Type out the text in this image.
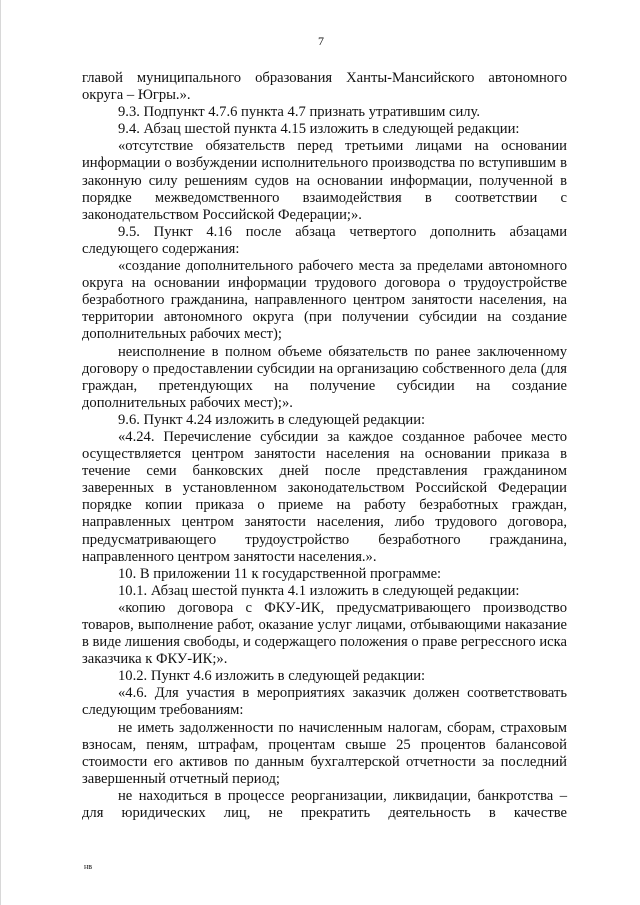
7

главой муниципального образования Ханты-Мансийского автономного округа – Югры.».

9.3. Подпункт 4.7.6 пункта 4.7 признать утратившим силу.

9.4. Абзац шестой пункта 4.15 изложить в следующей редакции:

«отсутствие обязательств перед третьими лицами на основании информации о возбуждении исполнительного производства по вступившим в законную силу решениям судов на основании информации, полученной в порядке межведомственного взаимодействия в соответствии с законодательством Российской Федерации;».

9.5. Пункт 4.16 после абзаца четвертого дополнить абзацами следующего содержания:

«создание дополнительного рабочего места за пределами автономного округа на основании информации трудового договора о трудоустройстве безработного гражданина, направленного центром занятости населения, на территории автономного округа (при получении субсидии на создание дополнительных рабочих мест);

неисполнение в полном объеме обязательств по ранее заключенному договору о предоставлении субсидии на организацию собственного дела (для граждан, претендующих на получение субсидии на создание дополнительных рабочих мест);».

9.6. Пункт 4.24 изложить в следующей редакции:

«4.24. Перечисление субсидии за каждое созданное рабочее место осуществляется центром занятости населения на основании приказа в течение семи банковских дней после представления гражданином заверенных в установленном законодательством Российской Федерации порядке копии приказа о приеме на работу безработных граждан, направленных центром занятости населения, либо трудового договора, предусматривающего трудоустройство безработного гражданина, направленного центром занятости населения.».

10. В приложении 11 к государственной программе:

10.1. Абзац шестой пункта 4.1 изложить в следующей редакции:

«копию договора с ФКУ-ИК, предусматривающего производство товаров, выполнение работ, оказание услуг лицами, отбывающими наказание в виде лишения свободы, и содержащего положения о праве регрессного иска заказчика к ФКУ-ИК;».

10.2. Пункт 4.6 изложить в следующей редакции:

«4.6. Для участия в мероприятиях заказчик должен соответствовать следующим требованиям:

не иметь задолженности по начисленным налогам, сборам, страховым взносам, пеням, штрафам, процентам свыше 25 процентов балансовой стоимости его активов по данным бухгалтерской отчетности за последний завершенный отчетный период;

не находиться в процессе реорганизации, ликвидации, банкротства – для юридических лиц, не прекратить деятельность в качестве

нв
